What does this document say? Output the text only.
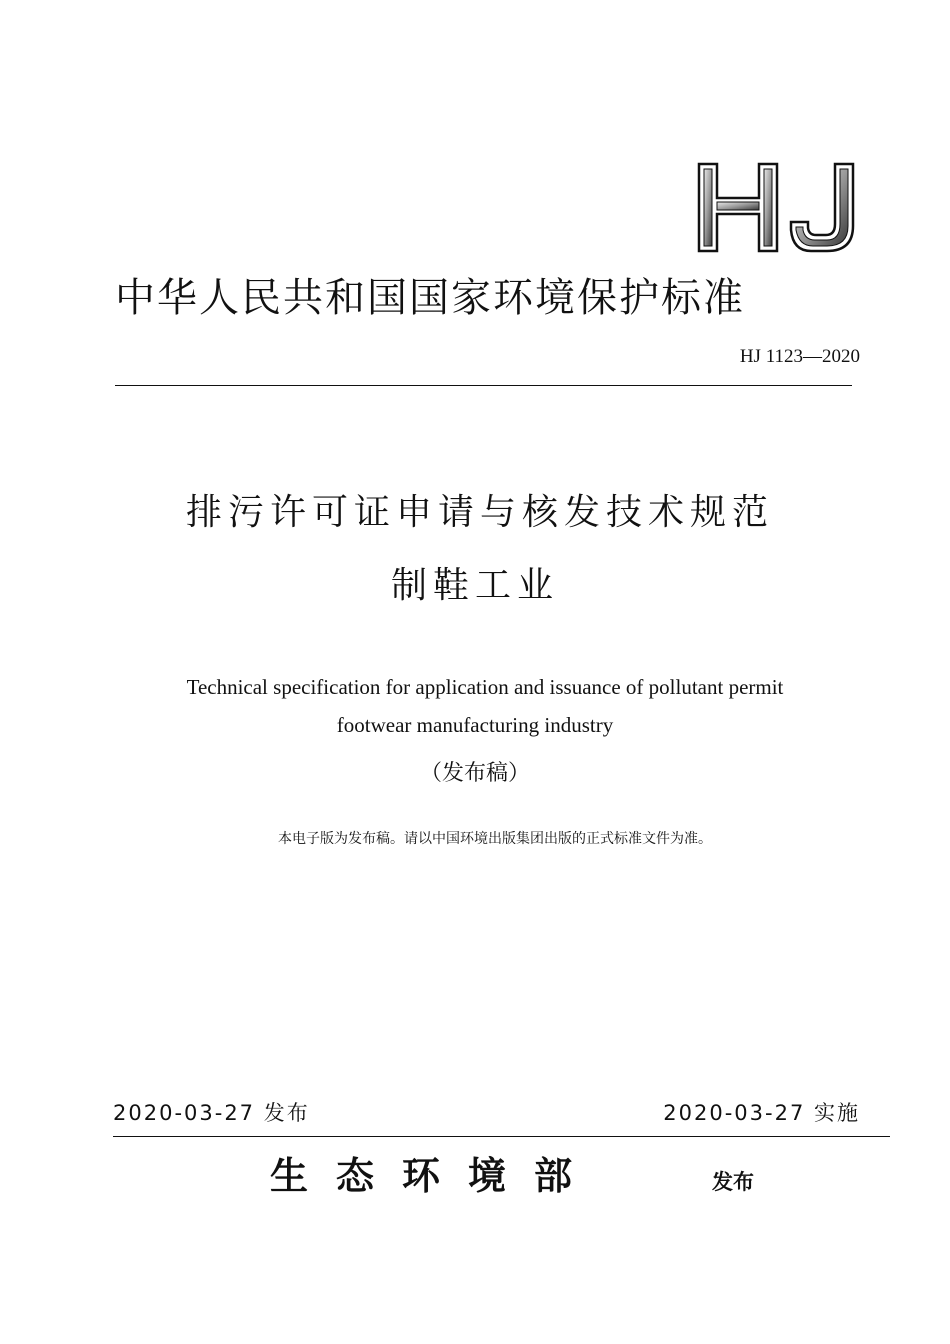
中华人民共和国国家环境保护标准
HJ 1123—2020
排污许可证申请与核发技术规范
制鞋工业
Technical specification for application and issuance of pollutant permit
footwear manufacturing industry
（发布稿）
本电子版为发布稿。请以中国环境出版集团出版的正式标准文件为准。
2020-03-27 发布	2020-03-27 实施
生态环境部	发布
